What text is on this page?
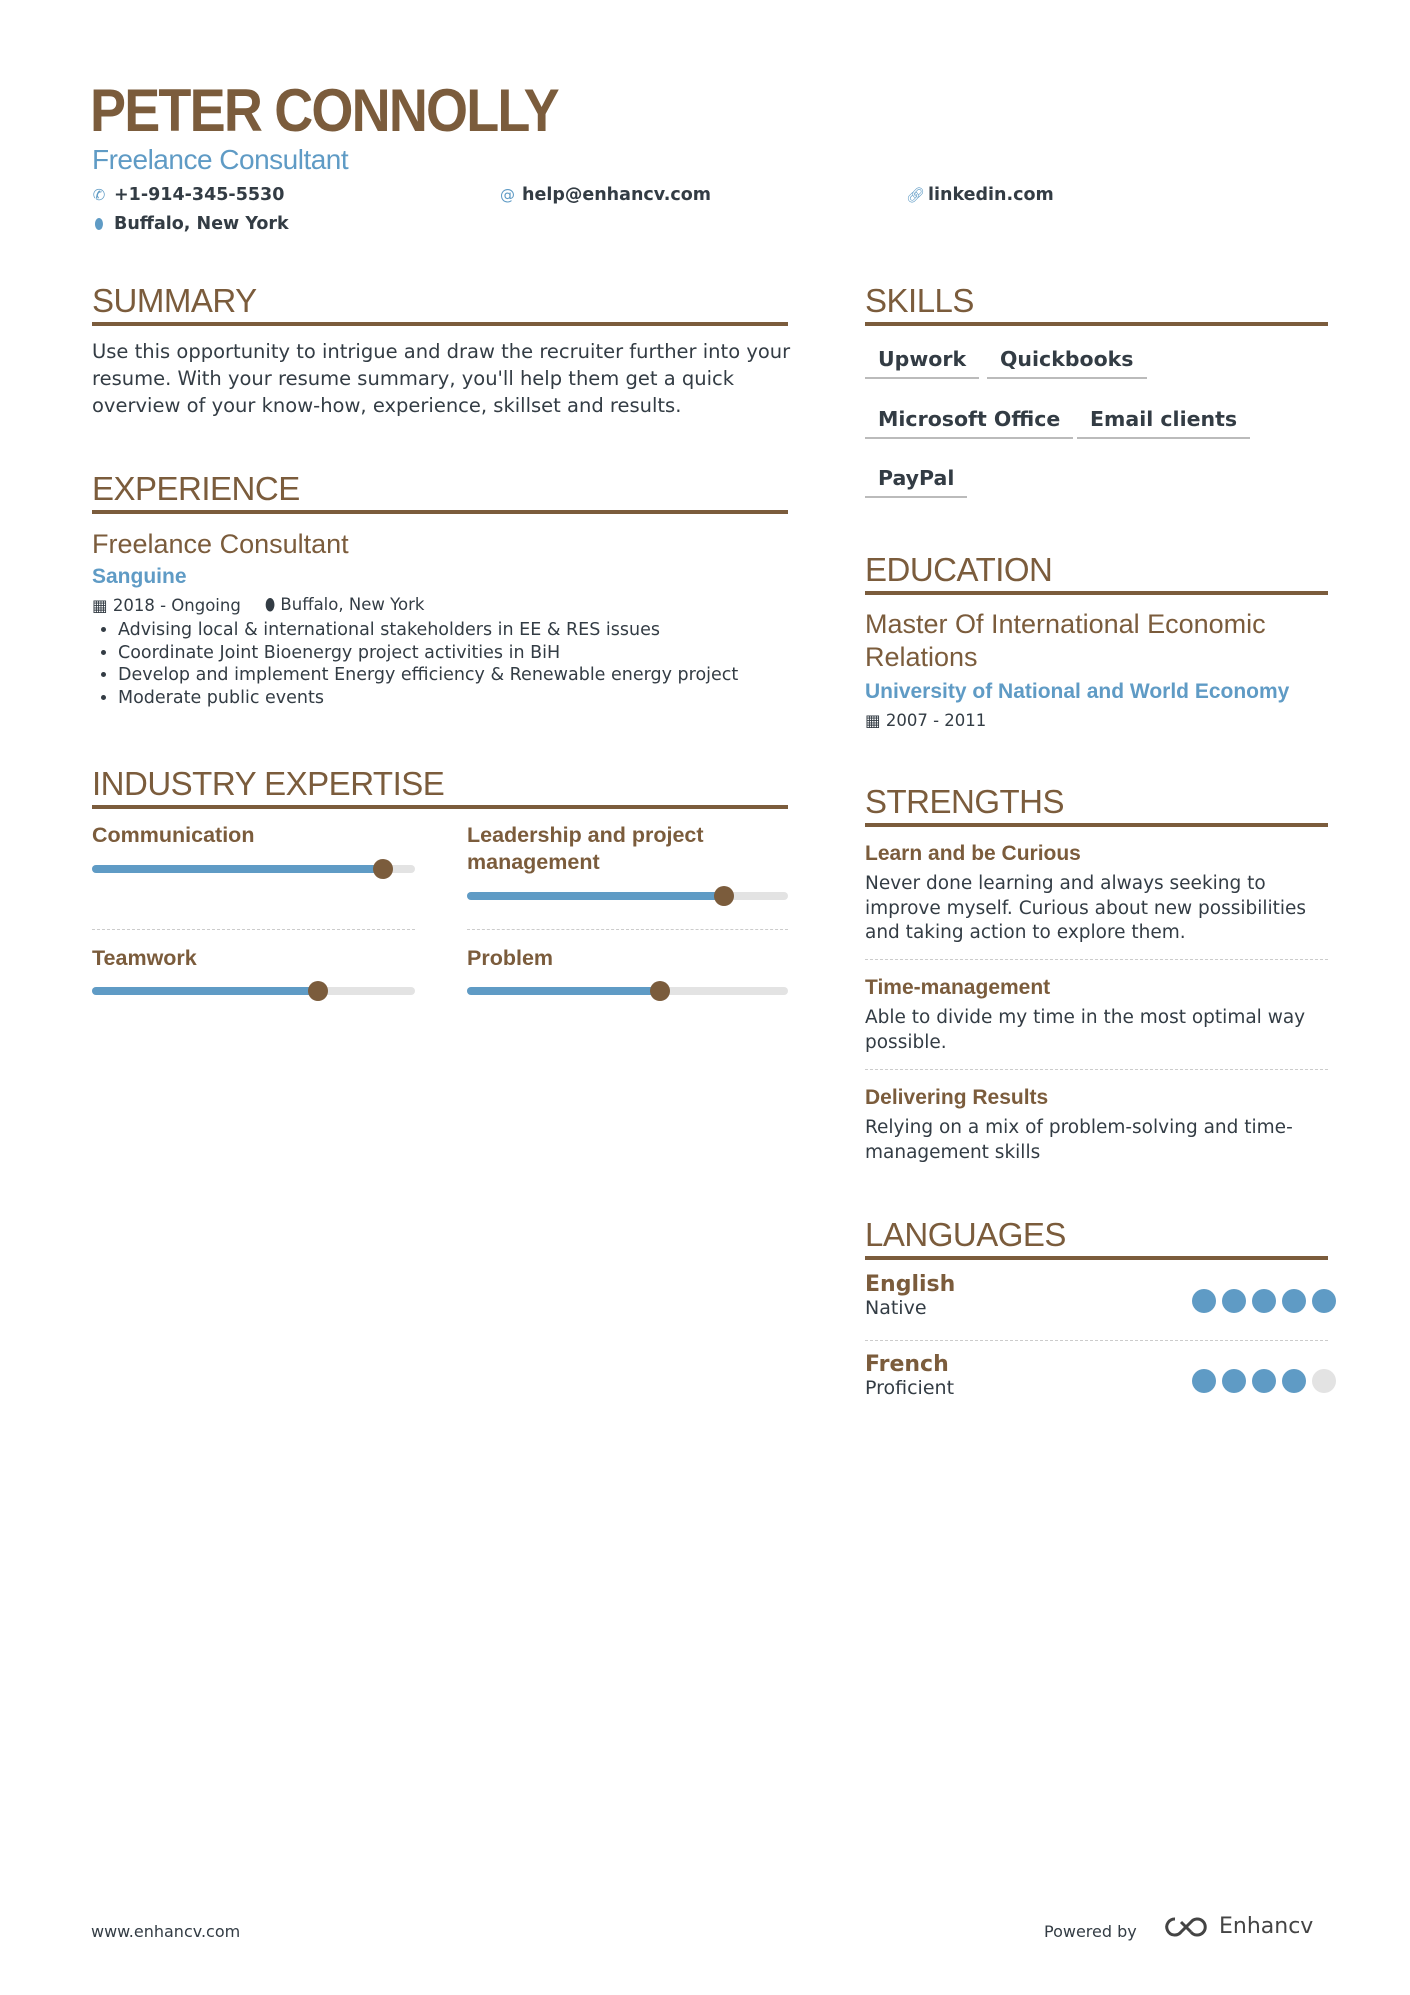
PETER CONNOLLY
Freelance Consultant
✆ +1-914-345-5530	@ help@enhancv.com	🔗︎ linkedin.com
⬮ Buffalo, New York
SUMMARY
Use this opportunity to intrigue and draw the recruiter further into your resume. With your resume summary, you'll help them get a quick overview of your know-how, experience, skillset and results.
EXPERIENCE
Freelance Consultant
Sanguine
▦ 2018 - Ongoing ⬮ Buffalo, New York
• Advising local & international stakeholders in EE & RES issues
• Coordinate Joint Bioenergy project activities in BiH
• Develop and implement Energy efficiency & Renewable energy project
• Moderate public events
INDUSTRY EXPERTISE
Communication	Leadership and project management
Teamwork	Problem
SKILLS
Upwork	Quickbooks
Microsoft Office	Email clients
PayPal
EDUCATION
Master Of International Economic Relations
University of National and World Economy
▦ 2007 - 2011
STRENGTHS
Learn and be Curious
Never done learning and always seeking to improve myself. Curious about new possibilities and taking action to explore them.
Time-management
Able to divide my time in the most optimal way possible.
Delivering Results
Relying on a mix of problem-solving and time-management skills
LANGUAGES
English
Native
French
Proficient
www.enhancv.com	Powered by	Enhancv
